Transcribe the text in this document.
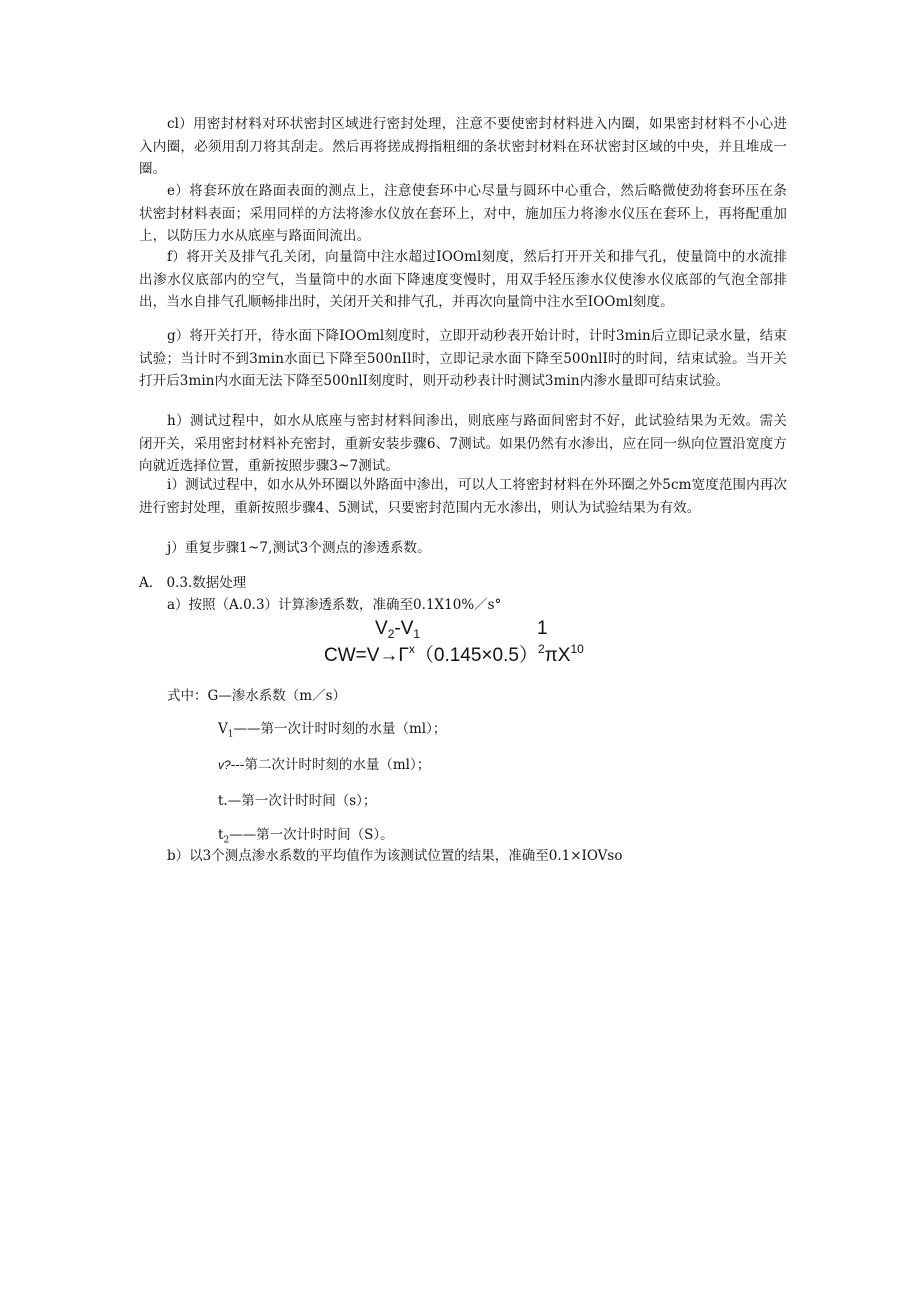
cl）用密封材料对环状密封区域进行密封处理，注意不要使密封材料进入内圈，如果密封材料不小心进入内圈，必须用刮刀将其刮走。然后再将搓成拇指粗细的条状密封材料在环状密封区域的中央，并且堆成一圈。

e）将套环放在路面表面的测点上，注意使套环中心尽量与圆环中心重合，然后略微使劲将套环压在条状密封材料表面；采用同样的方法将渗水仪放在套环上，对中，施加压力将渗水仪压在套环上，再将配重加上，以防压力水从底座与路面间流出。

f）将开关及排气孔关闭，向量筒中注水超过IOOml刻度，然后打开开关和排气孔，使量筒中的水流排出渗水仪底部内的空气，当量筒中的水面下降速度变慢时，用双手轻压渗水仪使渗水仪底部的气泡全部排出，当水自排气孔顺畅排出时，关闭开关和排气孔，并再次向量筒中注水至IOOml刻度。

g）将开关打开，待水面下降IOOml刻度时，立即开动秒表开始计时，计时3min后立即记录水量，结束试验；当计时不到3min水面已下降至500nIl时，立即记录水面下降至500nlI时的时间，结束试验。当开关打开后3min内水面无法下降至500nlI刻度时，则开动秒表计时测试3min内渗水量即可结束试验。

h）测试过程中，如水从底座与密封材料间渗出，则底座与路面间密封不好，此试验结果为无效。需关闭开关，采用密封材料补充密封，重新安装步骤6、7测试。如果仍然有水渗出，应在同一纵向位置沿宽度方向就近选择位置，重新按照步骤3~7测试。

i）测试过程中，如水从外环圈以外路面中渗出，可以人工将密封材料在外环圈之外5cm宽度范围内再次进行密封处理，重新按照步骤4、5测试，只要密封范围内无水渗出，则认为试验结果为有效。

j）重复步骤1~7,测试3个测点的渗透系数。

A.　0.3.数据处理
a）按照（A.0.3）计算渗透系数，准确至0.1X10%／s°
$V_2-V_1$	1
$CW=V\to\Gamma^x(0.145\times 0.5)^2\pi X^{10}$
式中：G—渗水系数（m／s）
$V_1——$第一次计时时刻的水量（ml）；
v?---第二次计时时刻的水量（ml）；
t.—第一次计时时间（s）；
$t_2——$第一次计时时间（S）。
b）以3个测点渗水系数的平均值作为该测试位置的结果，准确至0.1×IOVso
